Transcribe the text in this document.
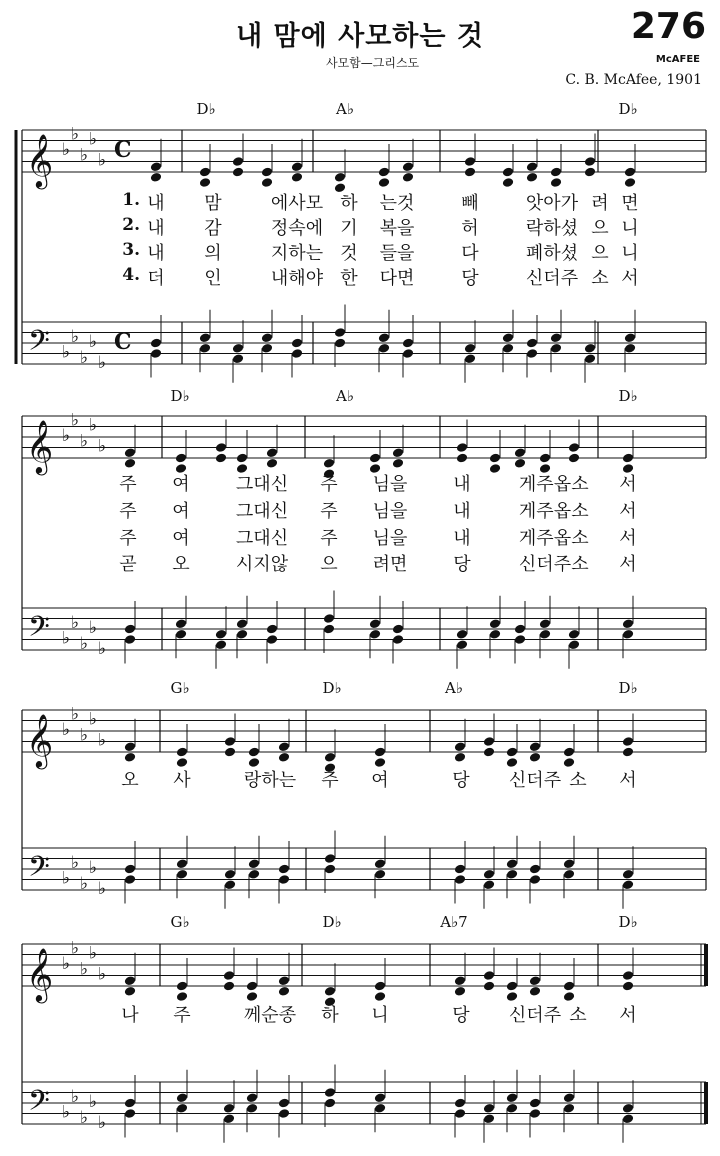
내 맘에 사모하는 것	276
사모함—그리스도	McAFEE
C. B. McAfee, 1901
𝄞 ♭
♭
♭
♭
♭ C
𝄢 ♭
♭
♭
♭
♭
C
𝄞 ♭
♭
♭
♭
♭
𝄢 ♭
♭
♭
♭
♭
𝄞 ♭
♭
♭
♭
♭
𝄢 ♭
♭
♭
♭
♭
𝄞 ♭
♭
♭
♭
♭
𝄢 ♭
♭
♭
♭
♭
D♭	A♭	D♭
D♭	A♭	D♭
G♭	D♭	A♭	D♭
G♭	D♭	A♭7	D♭
1. 내 맘	에사모 하 는것	빼	앗아가 려 면
2. 내 감	정속에 기 복을	허	락하셨 으 니
3. 내 의	지하는 것 들을	다	폐하셨 으 니
4. 더 인	내해야 한 다면	당	신더주 소 서
주 여	그대신 주 님을	내	게주옵 소 서
주 여	그대신 주 님을	내	게주옵 소 서
주 여	그대신 주 님을	내	게주옵 소 서
곧 오	시지않 으 려면	당	신더주 소 서
오 사	랑하는 주 여	당 신더주 소 서
나 주	께순종 하 니	당 신더주 소 서
